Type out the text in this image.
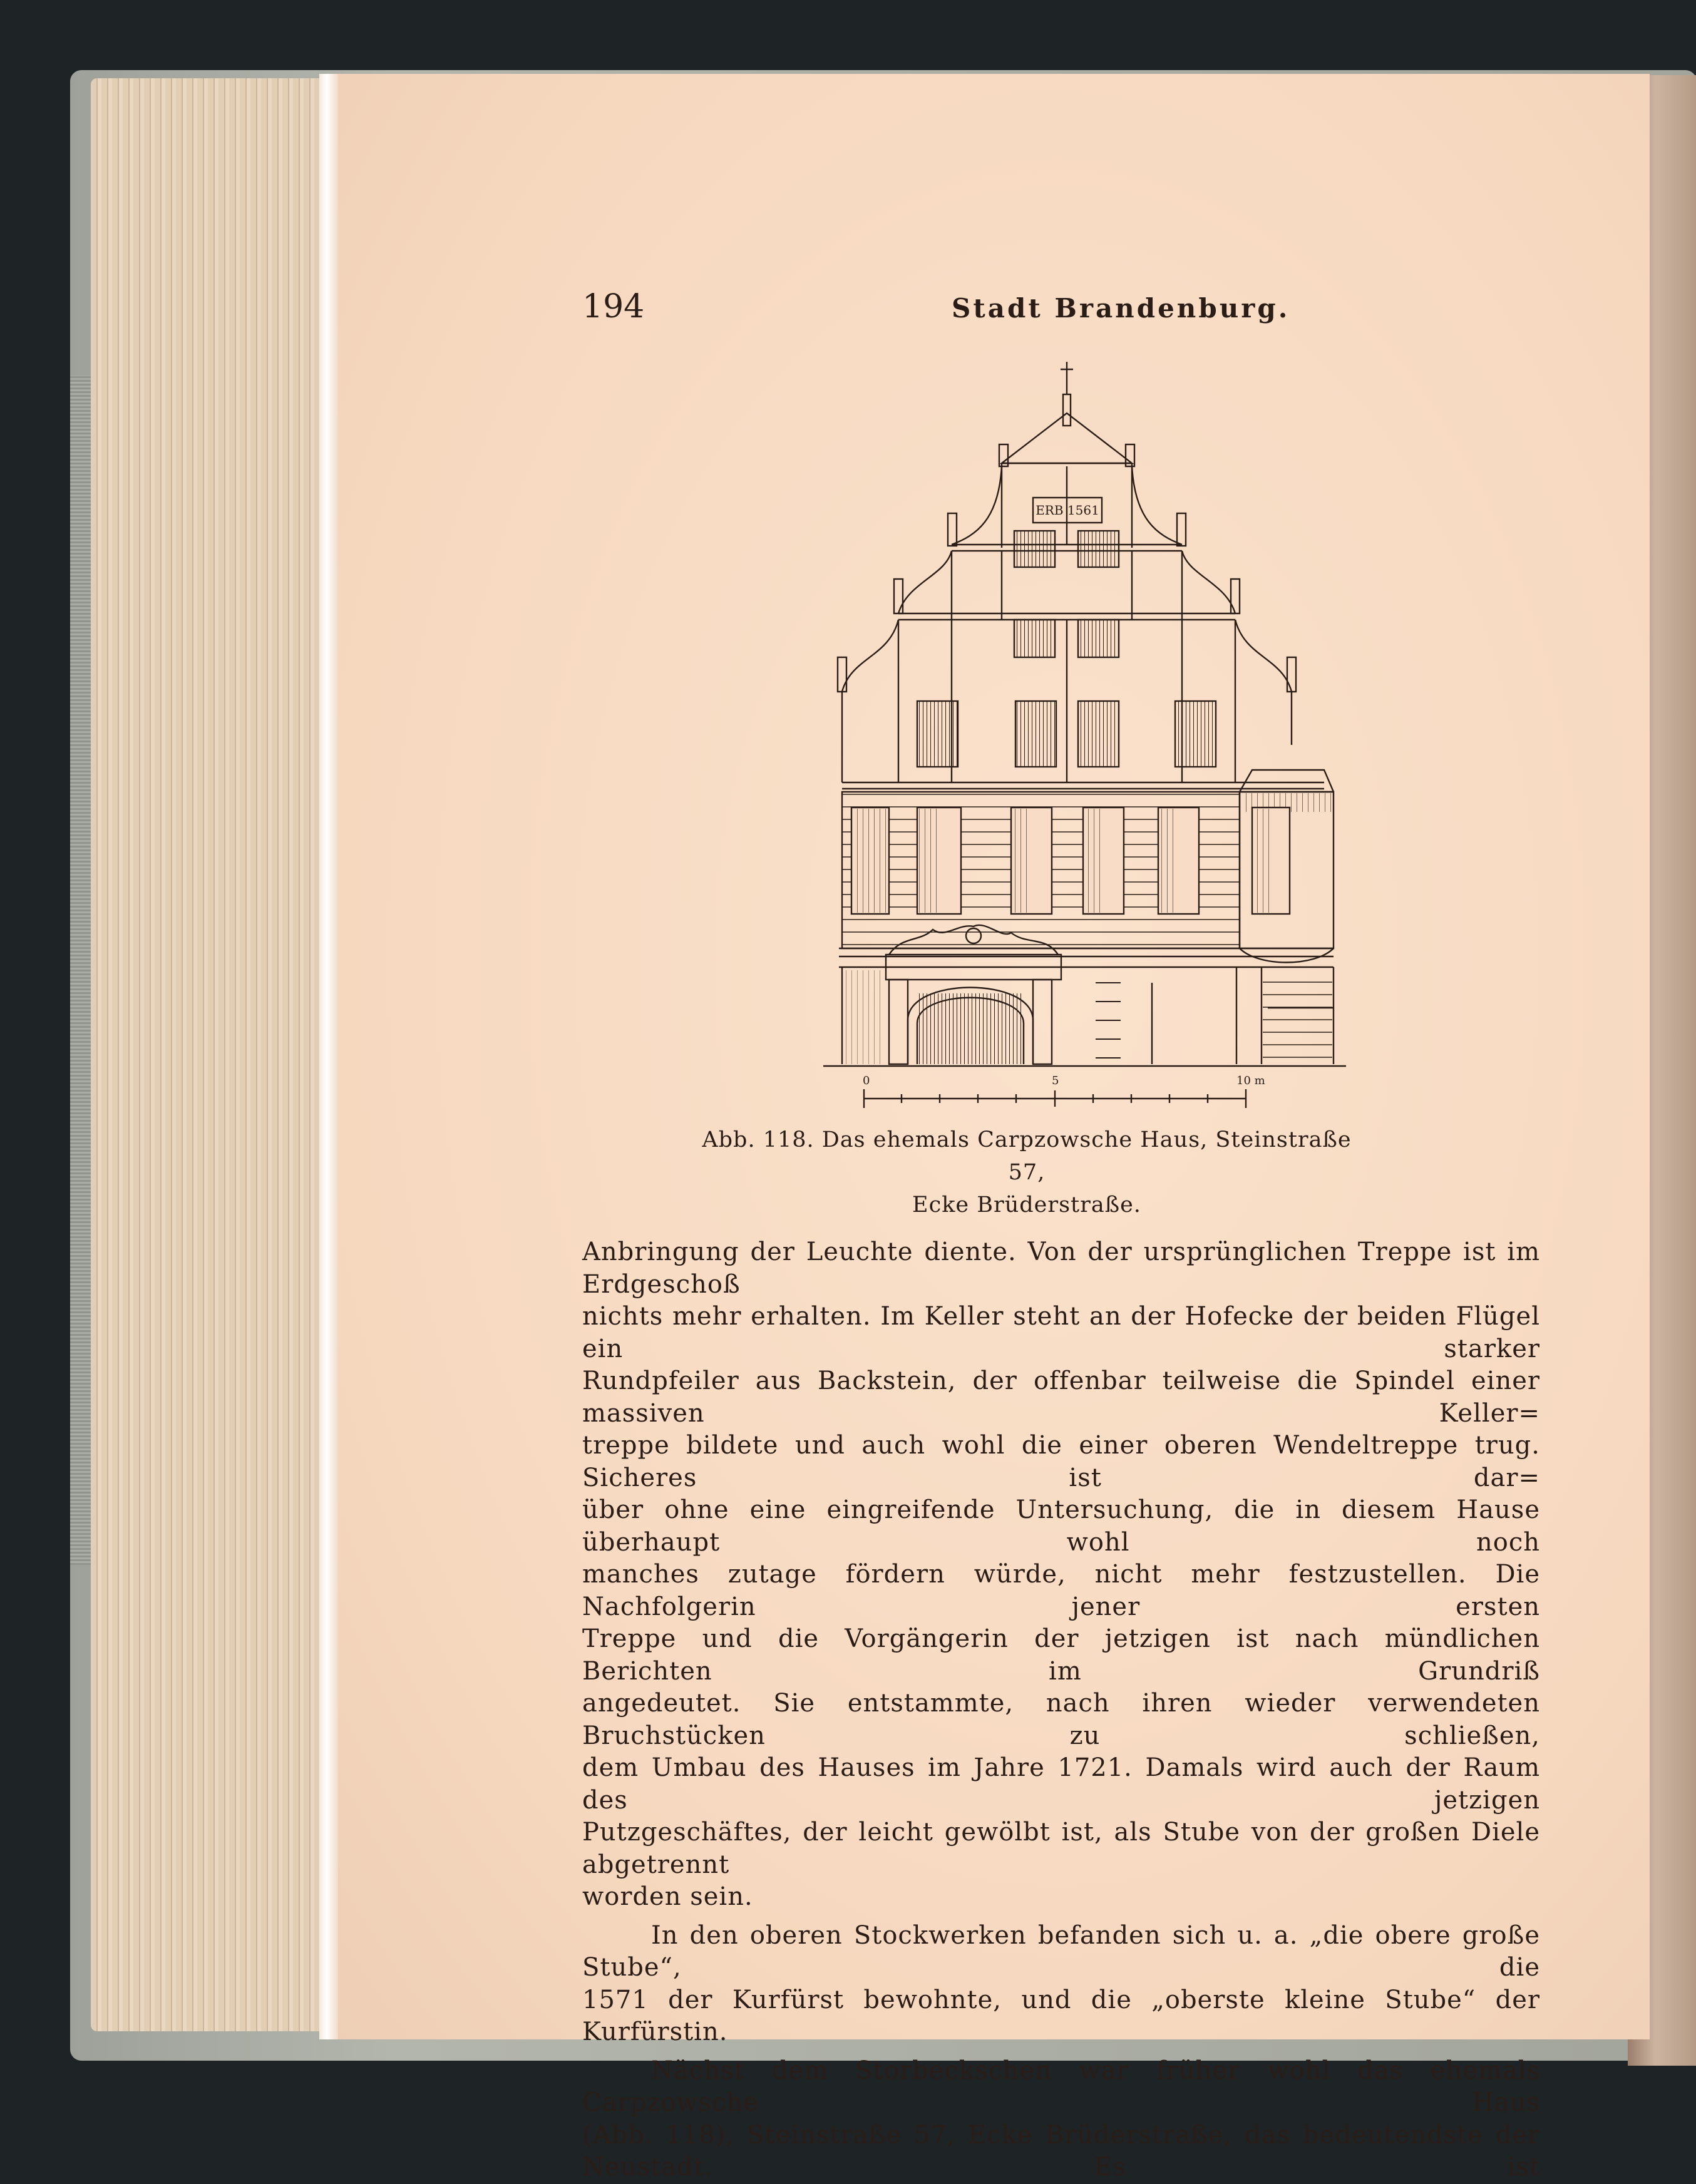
194	Stadt Brandenburg.
ERB 1561
0	5	10 m
Abb. 118. Das ehemals Carpzowsche Haus, Steinstraße 57,
Ecke Brüderstraße.

Anbringung der Leuchte diente. Von der ursprünglichen Treppe ist im Erdgeschoß

nichts mehr erhalten. Im Keller steht an der Hofecke der beiden Flügel ein starker

Rundpfeiler aus Backstein, der offenbar teilweise die Spindel einer massiven Keller=

treppe bildete und auch wohl die einer oberen Wendeltreppe trug. Sicheres ist dar=

über ohne eine eingreifende Untersuchung, die in diesem Hause überhaupt wohl noch

manches zutage fördern würde, nicht mehr festzustellen. Die Nachfolgerin jener ersten

Treppe und die Vorgängerin der jetzigen ist nach mündlichen Berichten im Grundriß

angedeutet. Sie entstammte, nach ihren wieder verwendeten Bruchstücken zu schließen,

dem Umbau des Hauses im Jahre 1721. Damals wird auch der Raum des jetzigen

Putzgeschäftes, der leicht gewölbt ist, als Stube von der großen Diele abgetrennt

worden sein.

In den oberen Stockwerken befanden sich u. a. „die obere große Stube“, die

1571 der Kurfürst bewohnte, und die „oberste kleine Stube“ der Kurfürstin.

Nächst dem Storbeckschen war früher wohl das ehemals Carpzowsche Haus

(Abb. 118), Steinstraße 57, Ecke Brüderstraße, das bedeutendste der Neustadt. Es ist
